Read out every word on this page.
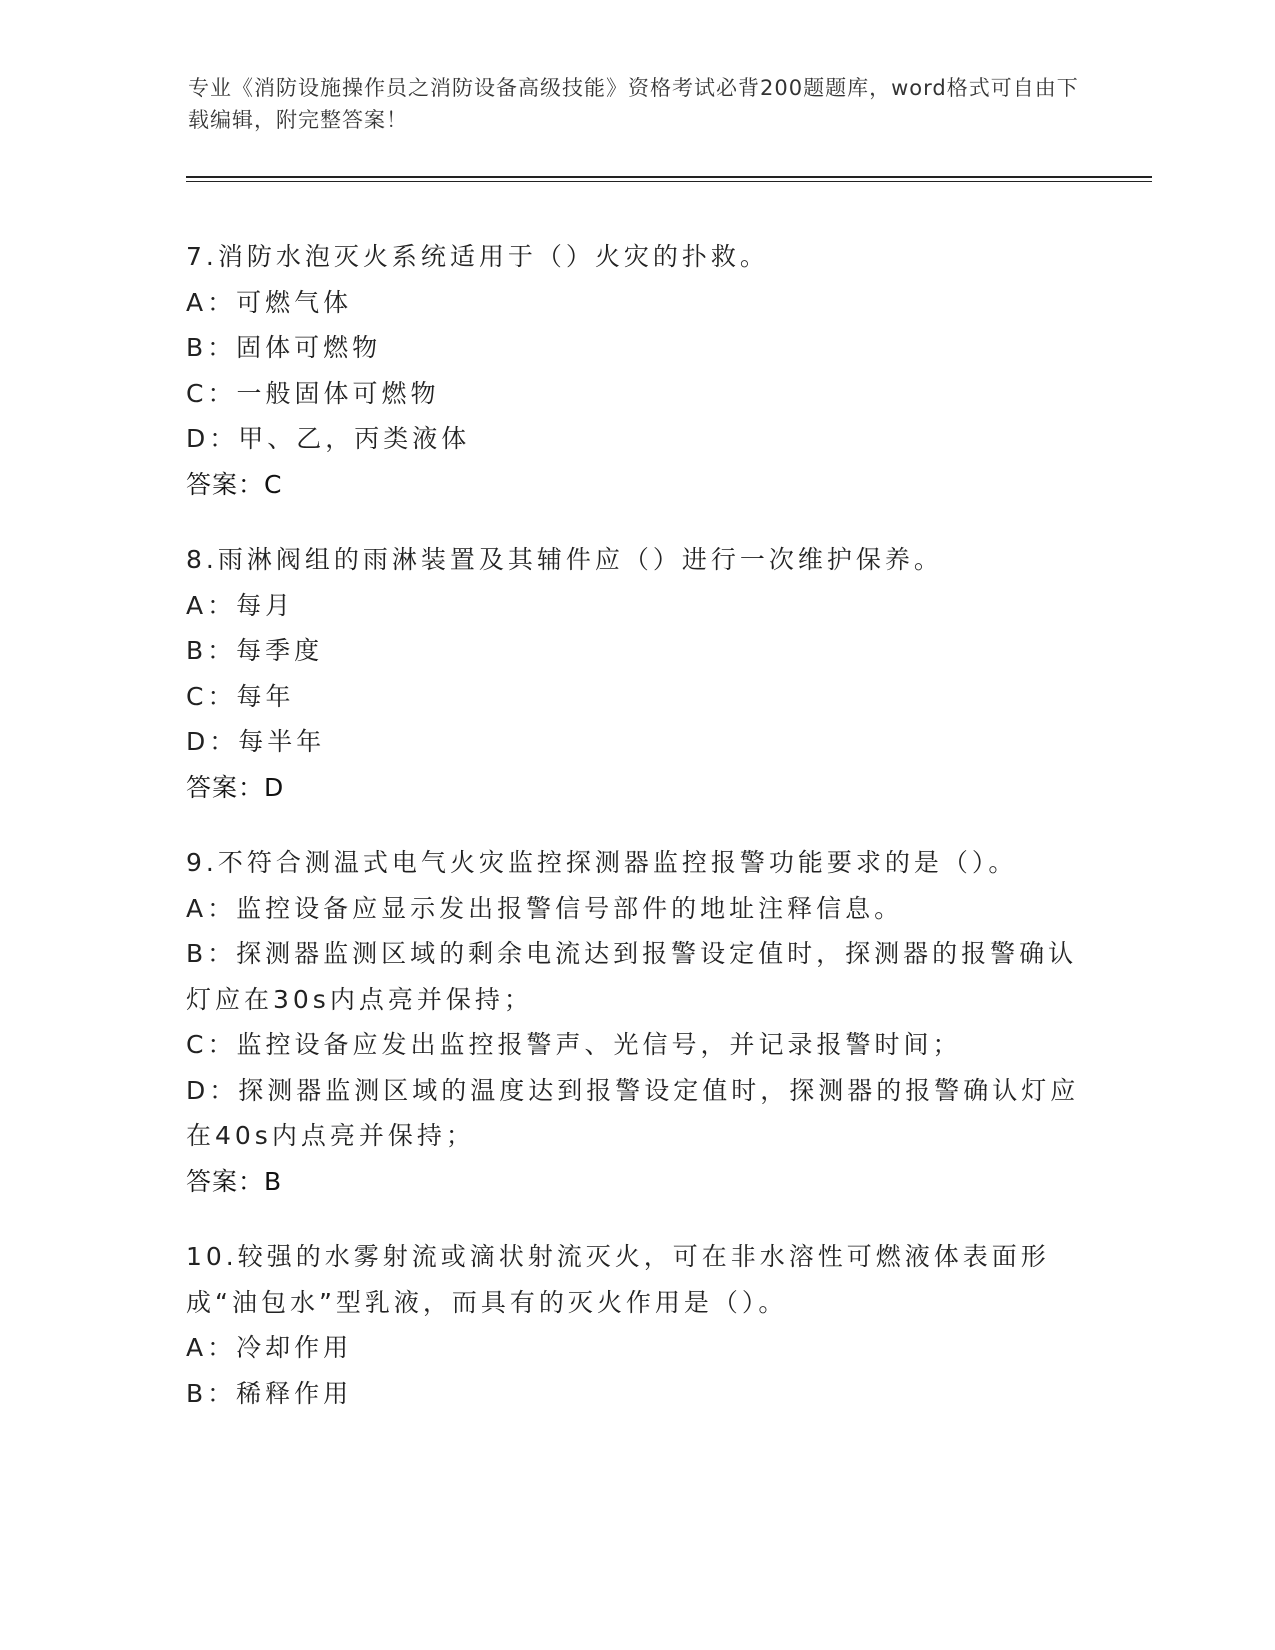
专业《消防设施操作员之消防设备高级技能》资格考试必背200题题库，word格式可自由下载编辑，附完整答案！

7.消防水泡灭火系统适用于（）火灾的扑救。

A：可燃气体

B：固体可燃物

C：一般固体可燃物

D：甲、乙，丙类液体

答案：C

8.雨淋阀组的雨淋装置及其辅件应（）进行一次维护保养。

A：每月

B：每季度

C：每年

D：每半年

答案：D

9.不符合测温式电气火灾监控探测器监控报警功能要求的是（）。

A：监控设备应显示发出报警信号部件的地址注释信息。

B：探测器监测区域的剩余电流达到报警设定值时，探测器的报警确认灯应在30s内点亮并保持；

C：监控设备应发出监控报警声、光信号，并记录报警时间；

D：探测器监测区域的温度达到报警设定值时，探测器的报警确认灯应在40s内点亮并保持；

答案：B

10.较强的水雾射流或滴状射流灭火，可在非水溶性可燃液体表面形成“油包水”型乳液，而具有的灭火作用是（）。

A：冷却作用

B：稀释作用
